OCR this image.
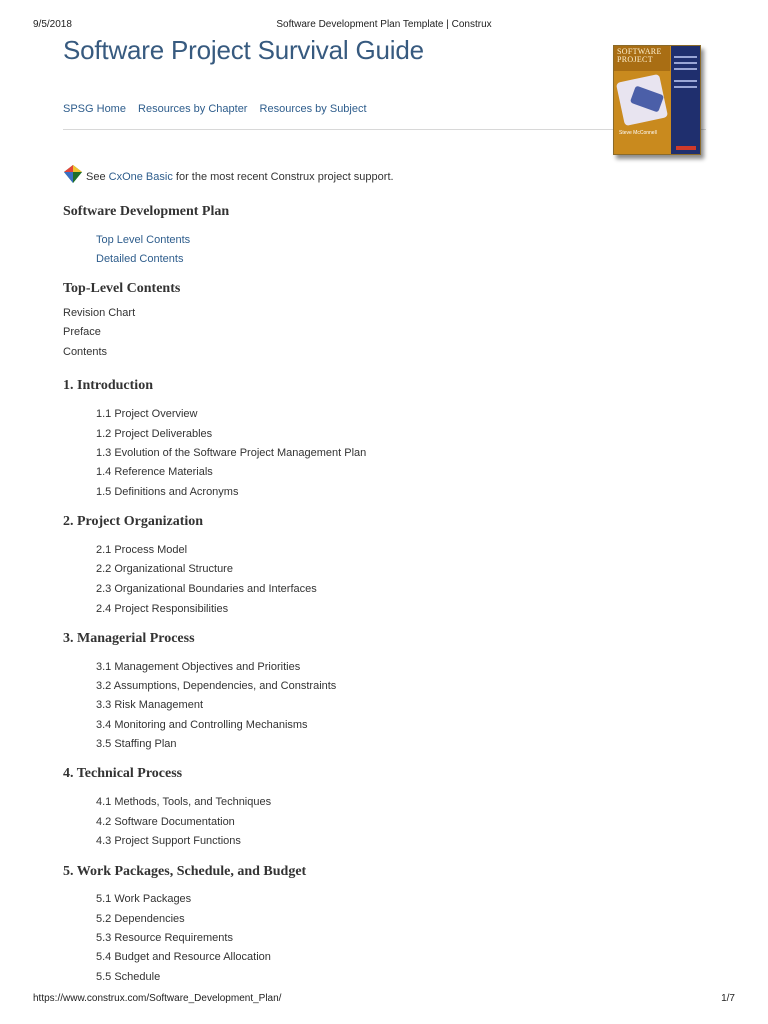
9/5/2018	Software Development Plan Template | Construx
Software Project Survival Guide
SPSG Home Resources by Chapter Resources by Subject
SOFTWARE
PROJECT
Steve McConnell
See CxOne Basic for the most recent Construx project support.
Software Development Plan
Top Level Contents
Detailed Contents
Top-Level Contents
Revision Chart
Preface
Contents
1. Introduction
1.1 Project Overview
1.2 Project Deliverables
1.3 Evolution of the Software Project Management Plan
1.4 Reference Materials
1.5 Definitions and Acronyms
2. Project Organization
2.1 Process Model
2.2 Organizational Structure
2.3 Organizational Boundaries and Interfaces
2.4 Project Responsibilities
3. Managerial Process
3.1 Management Objectives and Priorities
3.2 Assumptions, Dependencies, and Constraints
3.3 Risk Management
3.4 Monitoring and Controlling Mechanisms
3.5 Staffing Plan
4. Technical Process
4.1 Methods, Tools, and Techniques
4.2 Software Documentation
4.3 Project Support Functions
5. Work Packages, Schedule, and Budget
5.1 Work Packages
5.2 Dependencies
5.3 Resource Requirements
5.4 Budget and Resource Allocation
5.5 Schedule
https://www.construx.com/Software_Development_Plan/	1/7
